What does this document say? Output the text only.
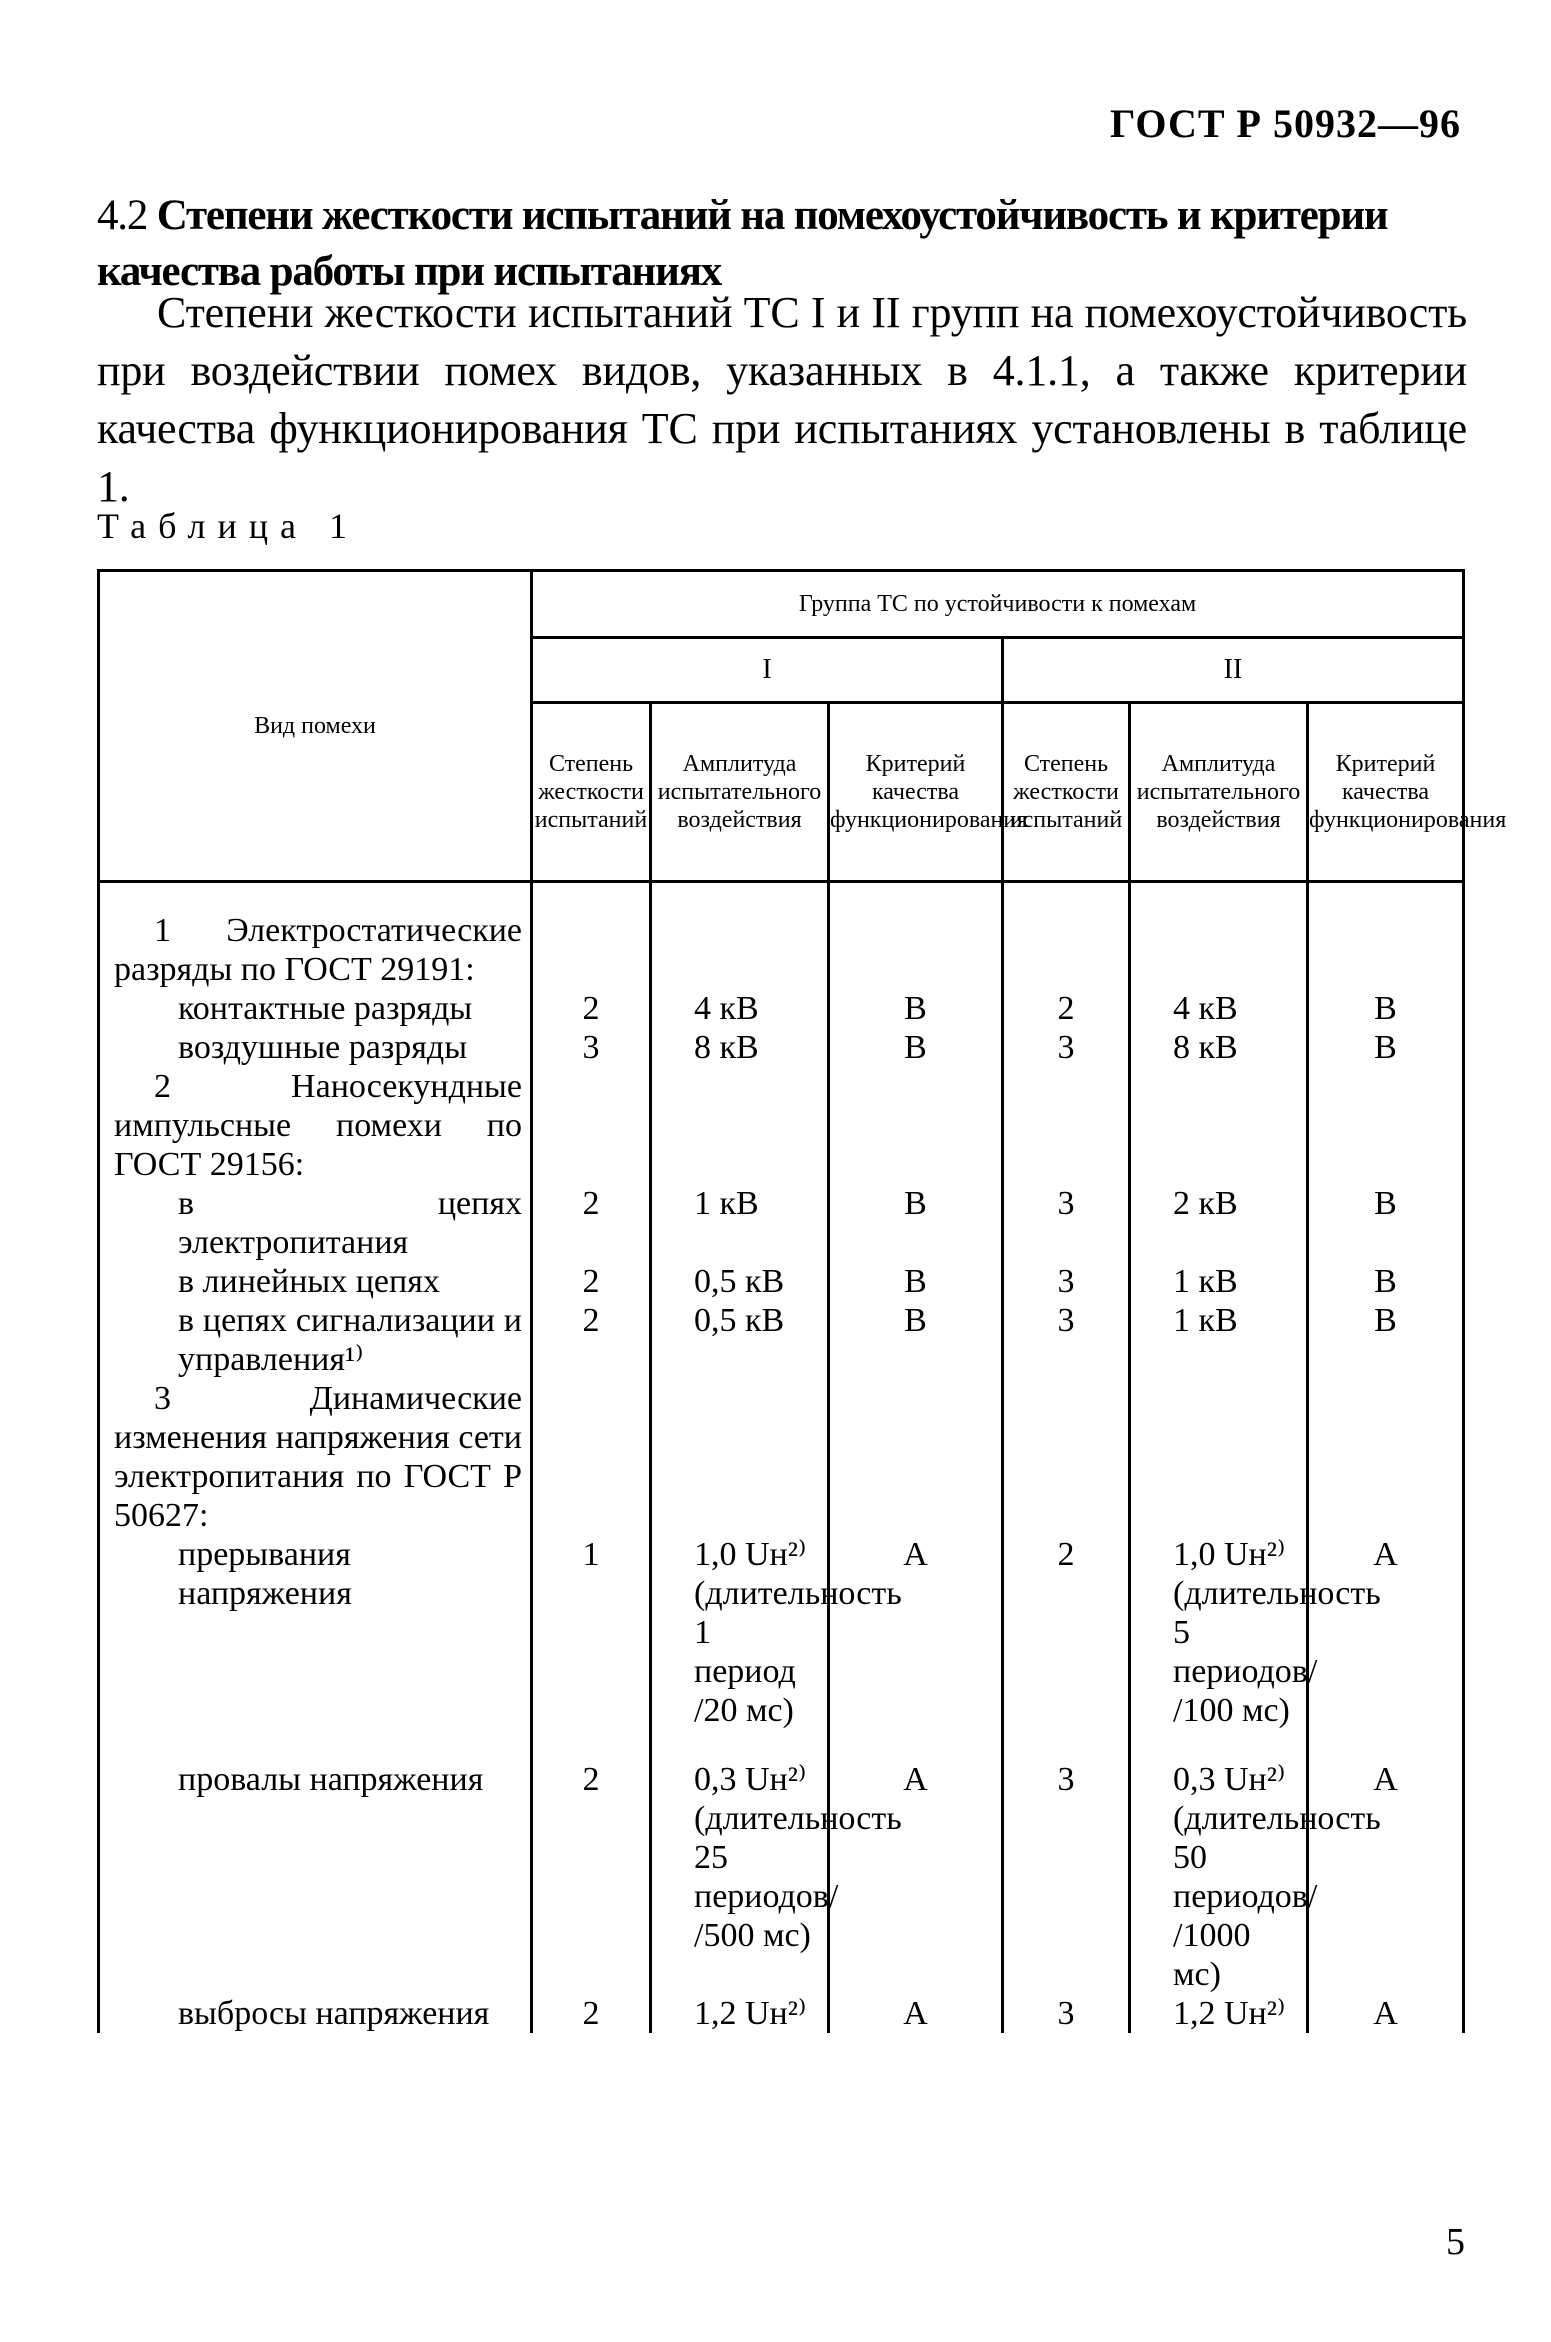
ГОСТ Р 50932—96
4.2 Степени жесткости испытаний на помехоустойчивость и критерии качества работы при испытаниях
Степени жесткости испытаний ТС I и II групп на помехоустойчивость при воздействии помех видов, указанных в 4.1.1, а также критерии качества функционирования ТС при испытаниях установлены в таблице 1.
Таблица 1
Вид помехи	Группа ТС по устойчивости к помехам					
	I			II		
	Степень жесткости испытаний	Амплитуда испытательного воздействия	Критерий качества функционирования	Степень жесткости испытаний	Амплитуда испытательного воздействия	Критерий качества функционирования

1 Электростатические разряды по ГОСТ 29191:						

контактные разряды	2	4 кВ	B	2	4 кВ	B

воздушные разряды	3	8 кВ	B	3	8 кВ	B

2 Наносекундные импульсные помехи по ГОСТ 29156:						

в цепях электропитания	2	1 кВ	B	3	2 кВ	B

в линейных цепях	2	0,5 кВ	B	3	1 кВ	B

в цепях сигнализации и управления¹⁾	2	0,5 кВ	B	3	1 кВ	B

3 Динамические изменения напряжения сети электропитания по ГОСТ Р 50627:						

прерывания напряжения	1	1,0 Uн²⁾ (длительность 1 период /20 мс)	A	2	1,0 Uн²⁾ (длительность 5 периодов/ /100 мс)	A

провалы напряжения	2	0,3 Uн²⁾ (длительность 25 периодов/ /500 мс)	A	3	0,3 Uн²⁾ (длительность 50 периодов/ /1000 мс)	A

выбросы напряжения	2	1,2 Uн²⁾	A	3	1,2 Uн²⁾	A
5
